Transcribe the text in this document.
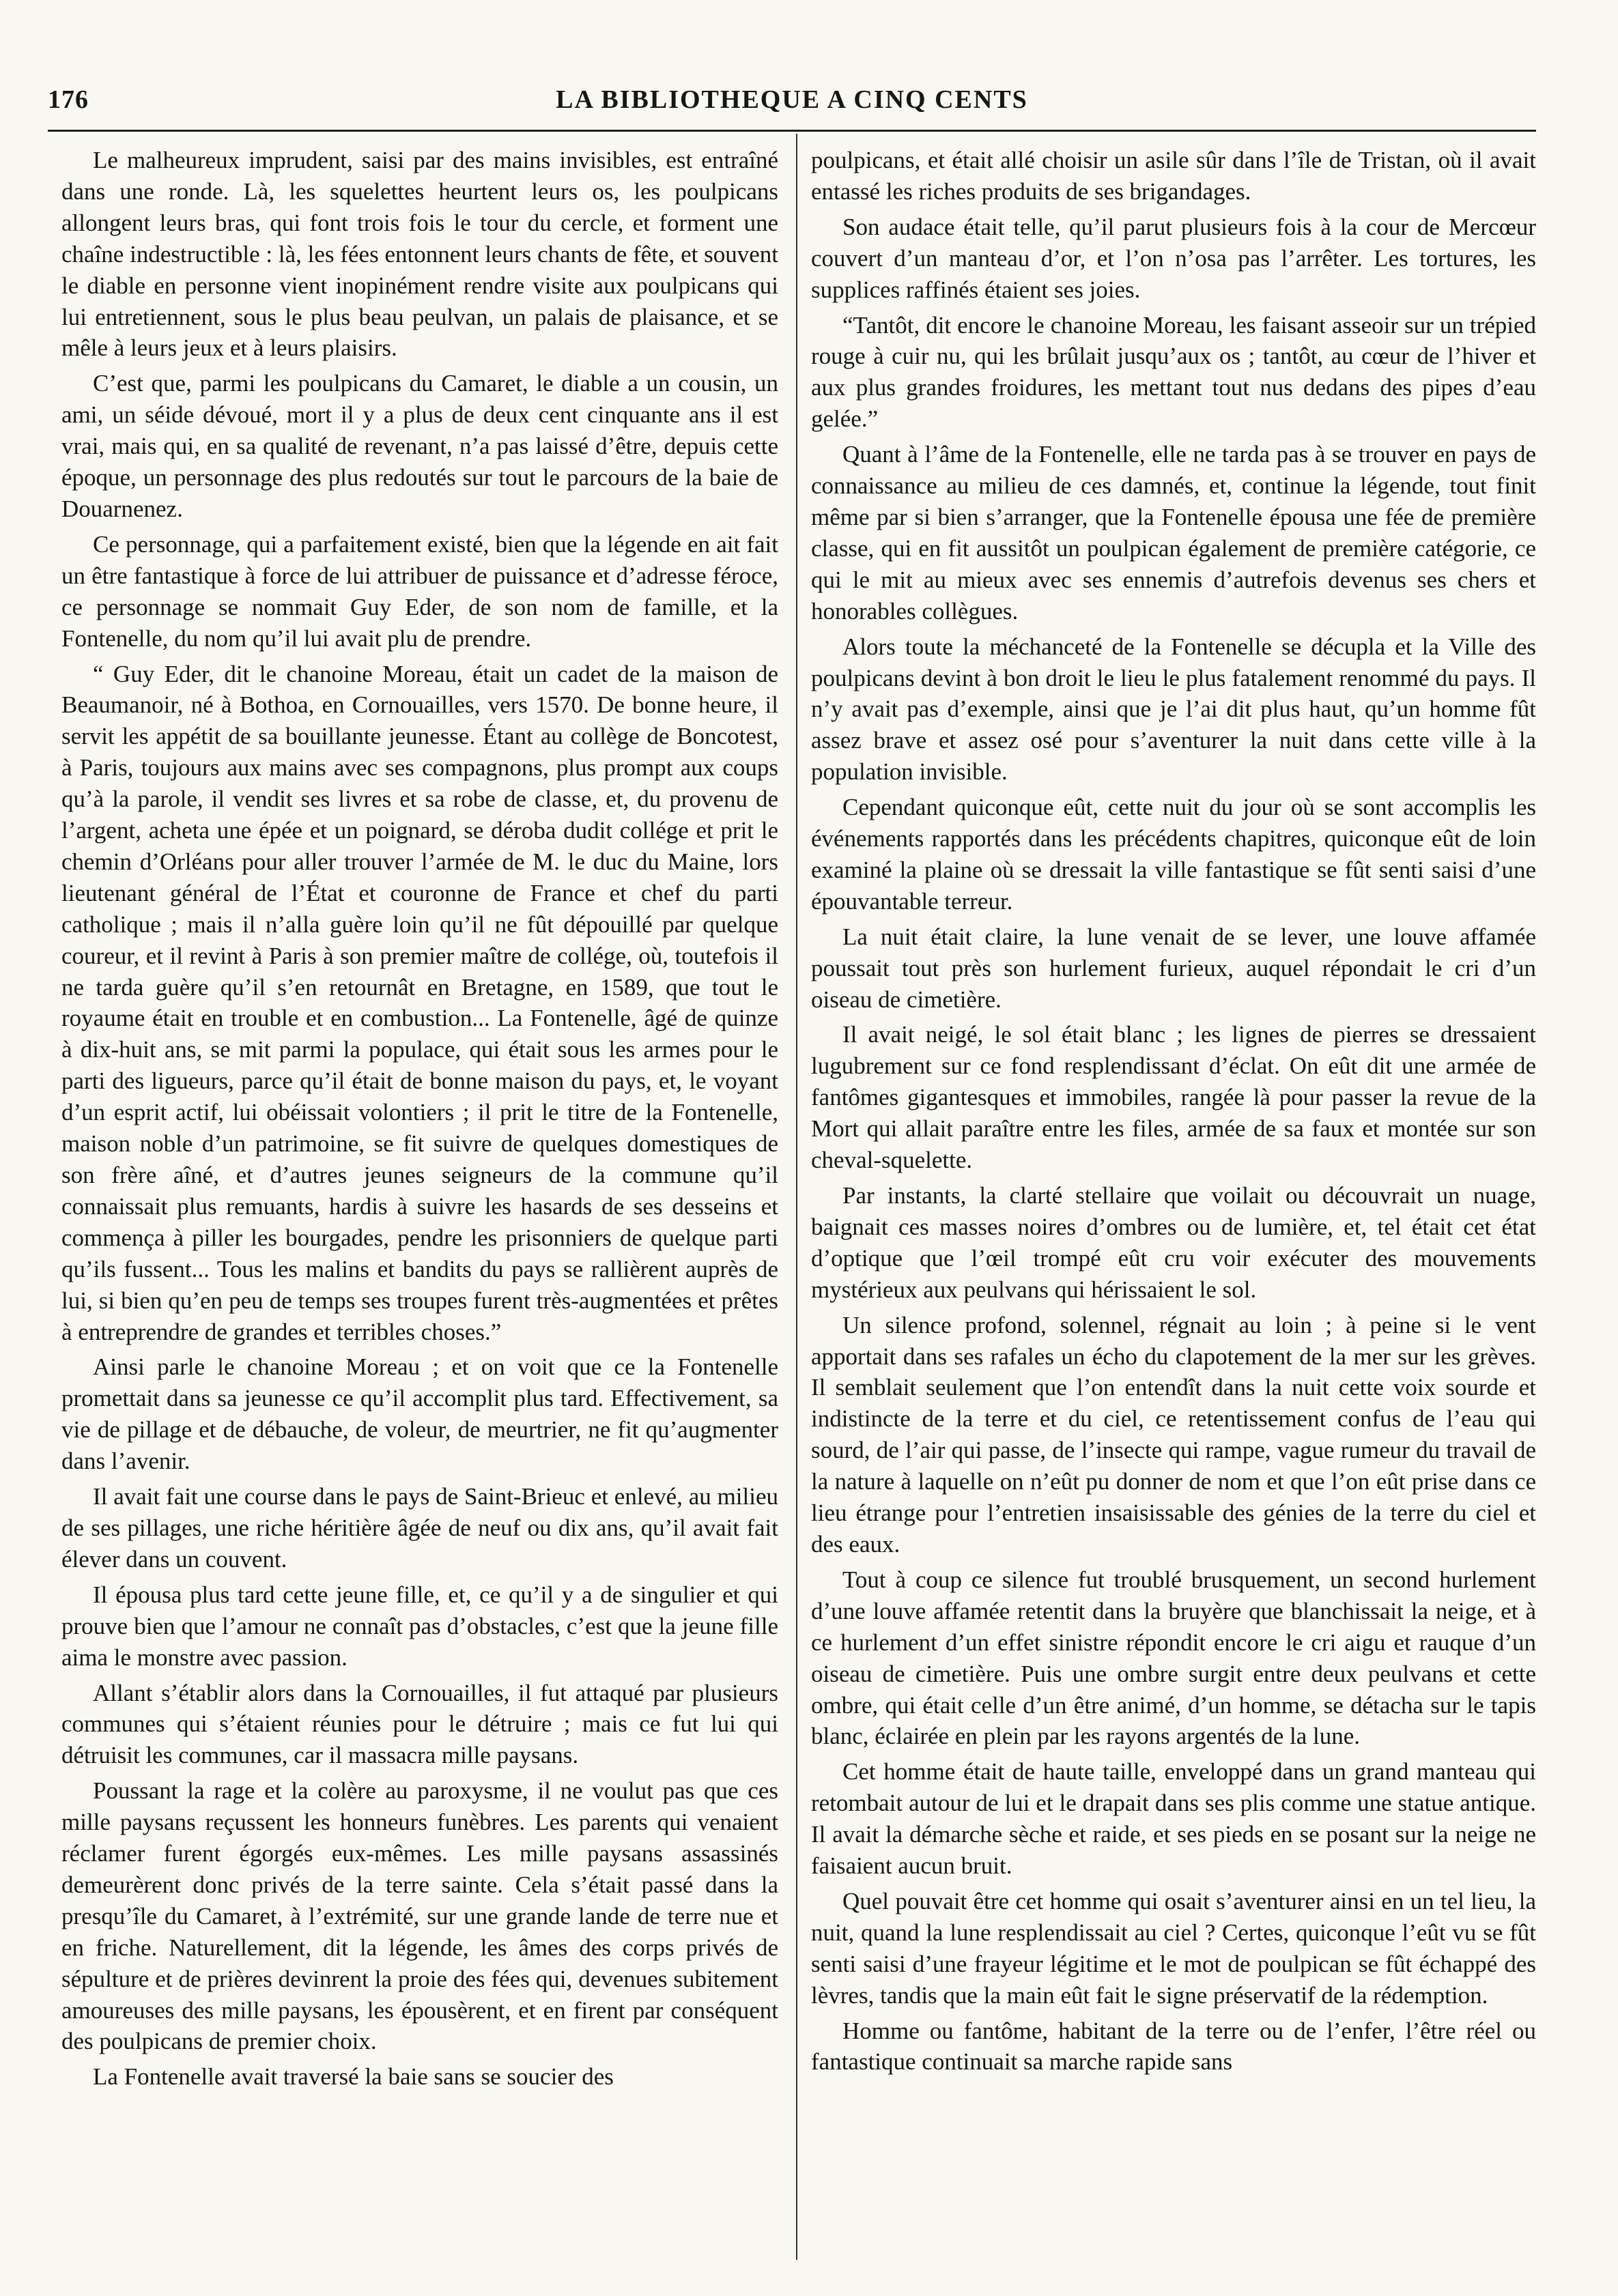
176	LA BIBLIOTHEQUE A CINQ CENTS

Le malheureux imprudent, saisi par des mains invisibles, est entraîné dans une ronde. Là, les squelettes heurtent leurs os, les poulpicans allongent leurs bras, qui font trois fois le tour du cercle, et forment une chaîne indestructible : là, les fées entonnent leurs chants de fête, et souvent le diable en personne vient inopinément rendre visite aux poulpicans qui lui entretiennent, sous le plus beau peulvan, un palais de plaisance, et se mêle à leurs jeux et à leurs plaisirs.

C’est que, parmi les poulpicans du Camaret, le diable a un cousin, un ami, un séide dévoué, mort il y a plus de deux cent cinquante ans il est vrai, mais qui, en sa qualité de revenant, n’a pas laissé d’être, depuis cette époque, un personnage des plus redoutés sur tout le parcours de la baie de Douarnenez.

Ce personnage, qui a parfaitement existé, bien que la légende en ait fait un être fantastique à force de lui attribuer de puissance et d’adresse féroce, ce personnage se nommait Guy Eder, de son nom de famille, et la Fontenelle, du nom qu’il lui avait plu de prendre.

“ Guy Eder, dit le chanoine Moreau, était un cadet de la maison de Beaumanoir, né à Bothoa, en Cornouailles, vers 1570. De bonne heure, il servit les appétit de sa bouillante jeunesse. Étant au collège de Boncotest, à Paris, toujours aux mains avec ses compagnons, plus prompt aux coups qu’à la parole, il vendit ses livres et sa robe de classe, et, du provenu de l’argent, acheta une épée et un poignard, se déroba dudit collége et prit le chemin d’Orléans pour aller trouver l’armée de M. le duc du Maine, lors lieutenant général de l’État et couronne de France et chef du parti catholique ; mais il n’alla guère loin qu’il ne fût dépouillé par quelque coureur, et il revint à Paris à son premier maître de collége, où, toutefois il ne tarda guère qu’il s’en retournât en Bretagne, en 1589, que tout le royaume était en trouble et en combustion... La Fontenelle, âgé de quinze à dix-huit ans, se mit parmi la populace, qui était sous les armes pour le parti des ligueurs, parce qu’il était de bonne maison du pays, et, le voyant d’un esprit actif, lui obéissait volontiers ; il prit le titre de la Fontenelle, maison noble d’un patrimoine, se fit suivre de quelques domestiques de son frère aîné, et d’autres jeunes seigneurs de la commune qu’il connaissait plus remuants, hardis à suivre les hasards de ses desseins et commença à piller les bourgades, pendre les prisonniers de quelque parti qu’ils fussent... Tous les malins et bandits du pays se rallièrent auprès de lui, si bien qu’en peu de temps ses troupes furent très-augmentées et prêtes à entreprendre de grandes et terribles choses.”

Ainsi parle le chanoine Moreau ; et on voit que ce la Fontenelle promettait dans sa jeunesse ce qu’il accomplit plus tard. Effectivement, sa vie de pillage et de débauche, de voleur, de meurtrier, ne fit qu’augmenter dans l’avenir.

Il avait fait une course dans le pays de Saint-Brieuc et enlevé, au milieu de ses pillages, une riche héritière âgée de neuf ou dix ans, qu’il avait fait élever dans un couvent.

Il épousa plus tard cette jeune fille, et, ce qu’il y a de singulier et qui prouve bien que l’amour ne connaît pas d’obstacles, c’est que la jeune fille aima le monstre avec passion.

Allant s’établir alors dans la Cornouailles, il fut attaqué par plusieurs communes qui s’étaient réunies pour le détruire ; mais ce fut lui qui détruisit les communes, car il massacra mille paysans.

Poussant la rage et la colère au paroxysme, il ne voulut pas que ces mille paysans reçussent les honneurs funèbres. Les parents qui venaient réclamer furent égorgés eux-mêmes. Les mille paysans assassinés demeurèrent donc privés de la terre sainte. Cela s’était passé dans la presqu’île du Camaret, à l’extrémité, sur une grande lande de terre nue et en friche. Naturellement, dit la légende, les âmes des corps privés de sépulture et de prières devinrent la proie des fées qui, devenues subitement amoureuses des mille paysans, les épousèrent, et en firent par conséquent des poulpicans de premier choix.

La Fontenelle avait traversé la baie sans se soucier des

poulpicans, et était allé choisir un asile sûr dans l’île de Tristan, où il avait entassé les riches produits de ses brigandages.

Son audace était telle, qu’il parut plusieurs fois à la cour de Mercœur couvert d’un manteau d’or, et l’on n’osa pas l’arrêter. Les tortures, les supplices raffinés étaient ses joies.

“Tantôt, dit encore le chanoine Moreau, les faisant asseoir sur un trépied rouge à cuir nu, qui les brûlait jusqu’aux os ; tantôt, au cœur de l’hiver et aux plus grandes froidures, les mettant tout nus dedans des pipes d’eau gelée.”

Quant à l’âme de la Fontenelle, elle ne tarda pas à se trouver en pays de connaissance au milieu de ces damnés, et, continue la légende, tout finit même par si bien s’arranger, que la Fontenelle épousa une fée de première classe, qui en fit aussitôt un poulpican également de première catégorie, ce qui le mit au mieux avec ses ennemis d’autrefois devenus ses chers et honorables collègues.

Alors toute la méchanceté de la Fontenelle se décupla et la Ville des poulpicans devint à bon droit le lieu le plus fatalement renommé du pays. Il n’y avait pas d’exemple, ainsi que je l’ai dit plus haut, qu’un homme fût assez brave et assez osé pour s’aventurer la nuit dans cette ville à la population invisible.

Cependant quiconque eût, cette nuit du jour où se sont accomplis les événements rapportés dans les précédents chapitres, quiconque eût de loin examiné la plaine où se dressait la ville fantastique se fût senti saisi d’une épouvantable terreur.

La nuit était claire, la lune venait de se lever, une louve affamée poussait tout près son hurlement furieux, auquel répondait le cri d’un oiseau de cimetière.

Il avait neigé, le sol était blanc ; les lignes de pierres se dressaient lugubrement sur ce fond resplendissant d’éclat. On eût dit une armée de fantômes gigantesques et immobiles, rangée là pour passer la revue de la Mort qui allait paraître entre les files, armée de sa faux et montée sur son cheval-squelette.

Par instants, la clarté stellaire que voilait ou découvrait un nuage, baignait ces masses noires d’ombres ou de lumière, et, tel était cet état d’optique que l’œil trompé eût cru voir exécuter des mouvements mystérieux aux peulvans qui hérissaient le sol.

Un silence profond, solennel, régnait au loin ; à peine si le vent apportait dans ses rafales un écho du clapotement de la mer sur les grèves. Il semblait seulement que l’on entendît dans la nuit cette voix sourde et indistincte de la terre et du ciel, ce retentissement confus de l’eau qui sourd, de l’air qui passe, de l’insecte qui rampe, vague rumeur du travail de la nature à laquelle on n’eût pu donner de nom et que l’on eût prise dans ce lieu étrange pour l’entretien insaisissable des génies de la terre du ciel et des eaux.

Tout à coup ce silence fut troublé brusquement, un second hurlement d’une louve affamée retentit dans la bruyère que blanchissait la neige, et à ce hurlement d’un effet sinistre répondit encore le cri aigu et rauque d’un oiseau de cimetière. Puis une ombre surgit entre deux peulvans et cette ombre, qui était celle d’un être animé, d’un homme, se détacha sur le tapis blanc, éclairée en plein par les rayons argentés de la lune.

Cet homme était de haute taille, enveloppé dans un grand manteau qui retombait autour de lui et le drapait dans ses plis comme une statue antique. Il avait la démarche sèche et raide, et ses pieds en se posant sur la neige ne faisaient aucun bruit.

Quel pouvait être cet homme qui osait s’aventurer ainsi en un tel lieu, la nuit, quand la lune resplendissait au ciel ? Certes, quiconque l’eût vu se fût senti saisi d’une frayeur légitime et le mot de poulpican se fût échappé des lèvres, tandis que la main eût fait le signe préservatif de la rédemption.

Homme ou fantôme, habitant de la terre ou de l’enfer, l’être réel ou fantastique continuait sa marche rapide sans
